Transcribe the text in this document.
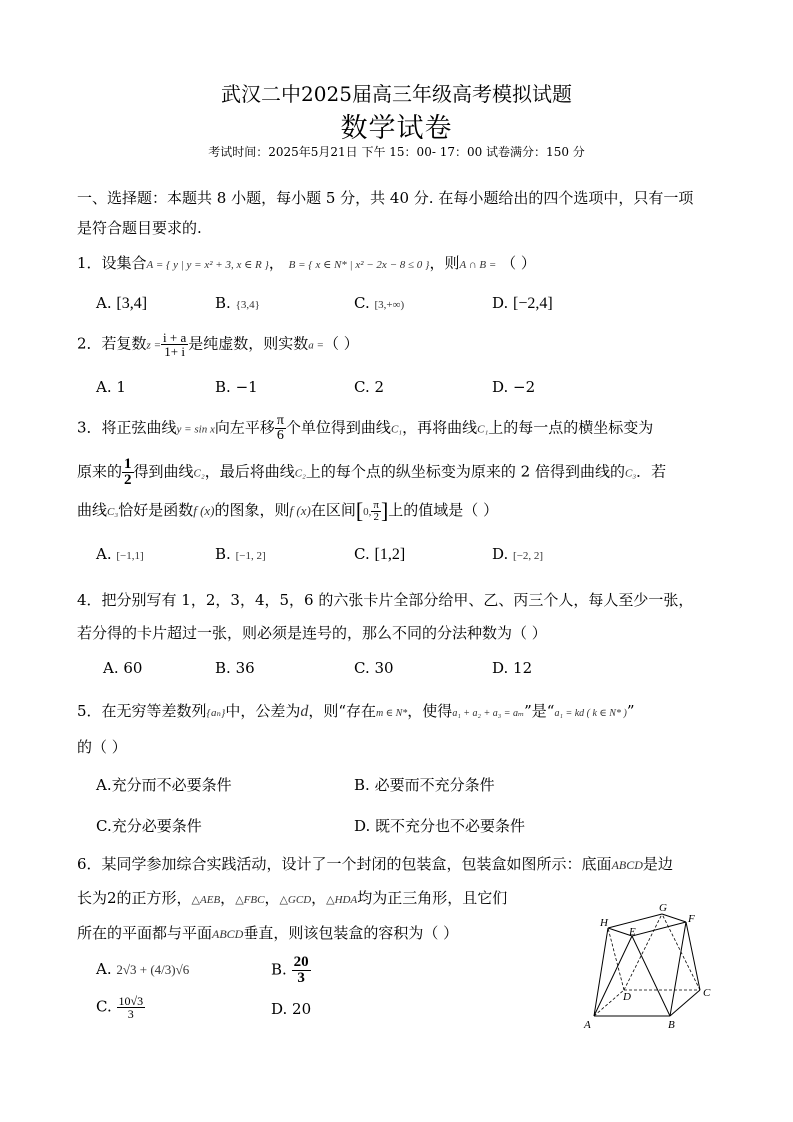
武汉二中2025届高三年级高考模拟试题
数学试卷
考试时间：2025年5月21日 下午 15：00- 17：00 试卷满分：150 分
一、选择题：本题共 8 小题，每小题 5 分，共 40 分. 在每小题给出的四个选项中，只有一项
是符合题目要求的.
1．设集合A = { y | y = x² + 3, x ∈ R }， B = { x ∈ N* | x² − 2x − 8 ≤ 0 }，则A ∩ B = （ ）
A. [3,4]	B. {3,4}	C. [3,+∞)	D. [−2,4]
2．若复数$z = \frac{i + a}{1+ i}$ 是纯虚数，则实数a =（ ）
A. 1	B. −1	C. 2	D. −2
3．将正弦曲线y = sin x向左平移 $\frac{\pi}{6}$ 个单位得到曲线C₁，再将曲线C₁上的每一点的横坐标变为
原来的 $\frac{1}{2}$ 得到曲线C₂，最后将曲线C₂上的每个点的纵坐标变为原来的 2 倍得到曲线的C₃．若
曲线C₃恰好是函数f (x)的图象，则f (x)在区间[0, $\frac{\pi}{2}$ ]上的值域是（ ）
A. [−1,1]	B. [−1, 2]	C. [1,2]	D. [−2, 2]
4．把分别写有 1，2，3，4，5，6 的六张卡片全部分给甲、乙、丙三个人，每人至少一张，
若分得的卡片超过一张，则必须是连号的，那么不同的分法种数为（ ）
A. 60	B. 36	C. 30	D. 12
5．在无穷等差数列{aₙ}中，公差为d，则“存在m ∈ N*，使得a₁ + a₂ + a₃ = aₘ”是“a₁ = kd ( k ∈ N* )”
的（ ）
A.充分而不必要条件	B. 必要而不充分条件
C.充分必要条件	D. 既不充分也不必要条件
6．某同学参加综合实践活动，设计了一个封闭的包装盒，包装盒如图所示：底面ABCD是边
长为2的正方形，△AEB，△FBC，△GCD，△HDA均为正三角形，且它们
所在的平面都与平面ABCD垂直，则该包装盒的容积为（ ）
A. 2√3 + (4/3)√6	B. $\frac{20}{3}$
C. $\frac{10√3}{3}$	D. 20
A	B
C
D
E
F
G
H
